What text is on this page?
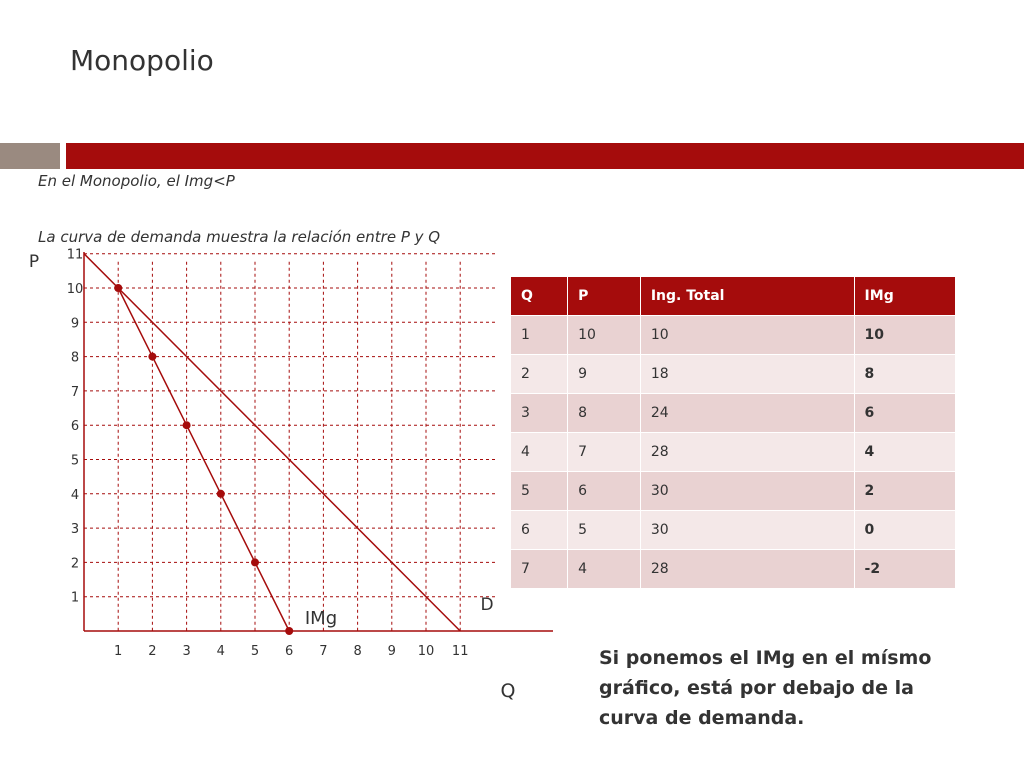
Monopolio
En el Monopolio, el Img<P
La curva de demanda muestra la relación entre P y Q
1 2 3 4 5 6 7 8 9 10 11
11
10
9
8
7
6
5
4
3
2
1
P
Q
D
IMg
Q	P	Ing. Total	IMg
1	10	10	10
2	9	18	8
3	8	24	6
4	7	28	4
5	6	30	2
6	5	30	0
7	4	28	-2
Si ponemos el IMg en el mísmo gráfico, está por debajo de la curva de demanda.
